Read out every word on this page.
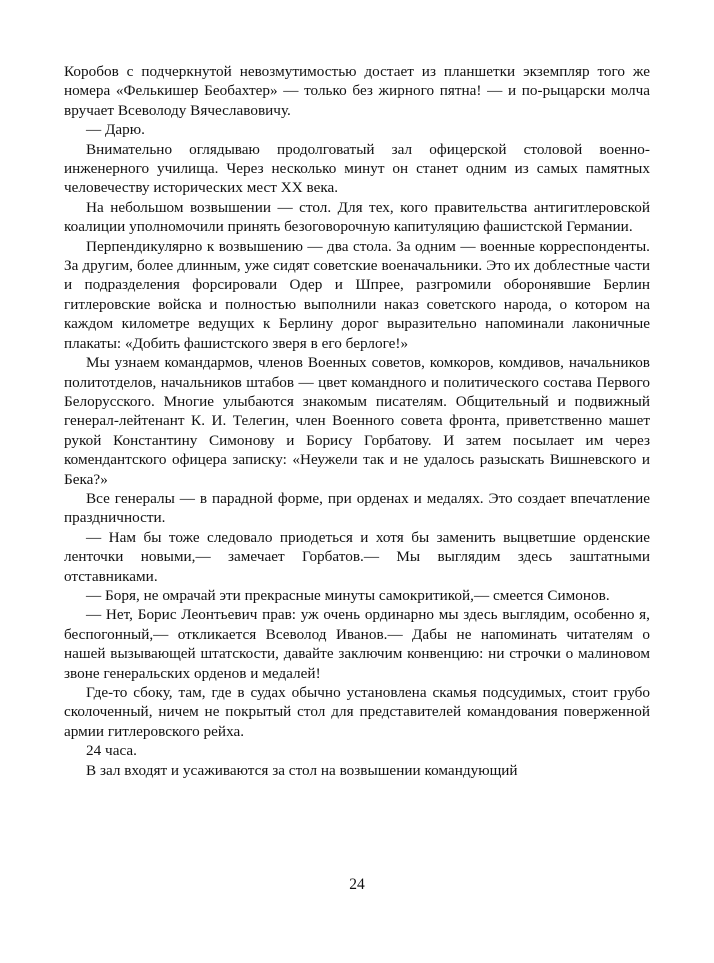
Коробов с подчеркнутой невозмутимостью достает из планшетки экземпляр того же номера «Фелькишер Беобахтер» — только без жирного пятна! — и по-рыцарски молча вручает Всеволоду Вячеславовичу.

— Дарю.

Внимательно оглядываю продолговатый зал офицерской столовой военно-инженерного училища. Через несколько минут он станет одним из самых памятных человечеству исторических мест XX века.

На небольшом возвышении — стол. Для тех, кого правительства антигитлеровской коалиции уполномочили принять безоговорочную капитуляцию фашистской Германии.

Перпендикулярно к возвышению — два стола. За одним — военные корреспонденты. За другим, более длинным, уже сидят советские военачальники. Это их доблестные части и подразделения форсировали Одер и Шпрее, разгромили оборонявшие Берлин гитлеровские войска и полностью выполнили наказ советского народа, о котором на каждом километре ведущих к Берлину дорог выразительно напоминали лаконичные плакаты: «Добить фашистского зверя в его берлоге!»

Мы узнаем командармов, членов Военных советов, комкоров, комдивов, начальников политотделов, начальников штабов — цвет командного и политического состава Первого Белорусского. Многие улыбаются знакомым писателям. Общительный и подвижный генерал-лейтенант К. И. Телегин, член Военного совета фронта, приветственно машет рукой Константину Симонову и Борису Горбатову. И затем посылает им через комендантского офицера записку: «Неужели так и не удалось разыскать Вишневского и Бека?»

Все генералы — в парадной форме, при орденах и медалях. Это создает впечатление праздничности.

— Нам бы тоже следовало приодеться и хотя бы заменить выцветшие орденские ленточки новыми,— замечает Горбатов.— Мы выглядим здесь заштатными отставниками.

— Боря, не омрачай эти прекрасные минуты самокритикой,— смеется Симонов.

— Нет, Борис Леонтьевич прав: уж очень ординарно мы здесь выглядим, особенно я, беспогонный,— откликается Всеволод Иванов.— Дабы не напоминать читателям о нашей вызывающей штатскости, давайте заключим конвенцию: ни строчки о малиновом звоне генеральских орденов и медалей!

Где-то сбоку, там, где в судах обычно установлена скамья подсудимых, стоит грубо сколоченный, ничем не покрытый стол для представителей командования поверженной армии гитлеровского рейха.

24 часа.

В зал входят и усаживаются за стол на возвышении командующий

24
